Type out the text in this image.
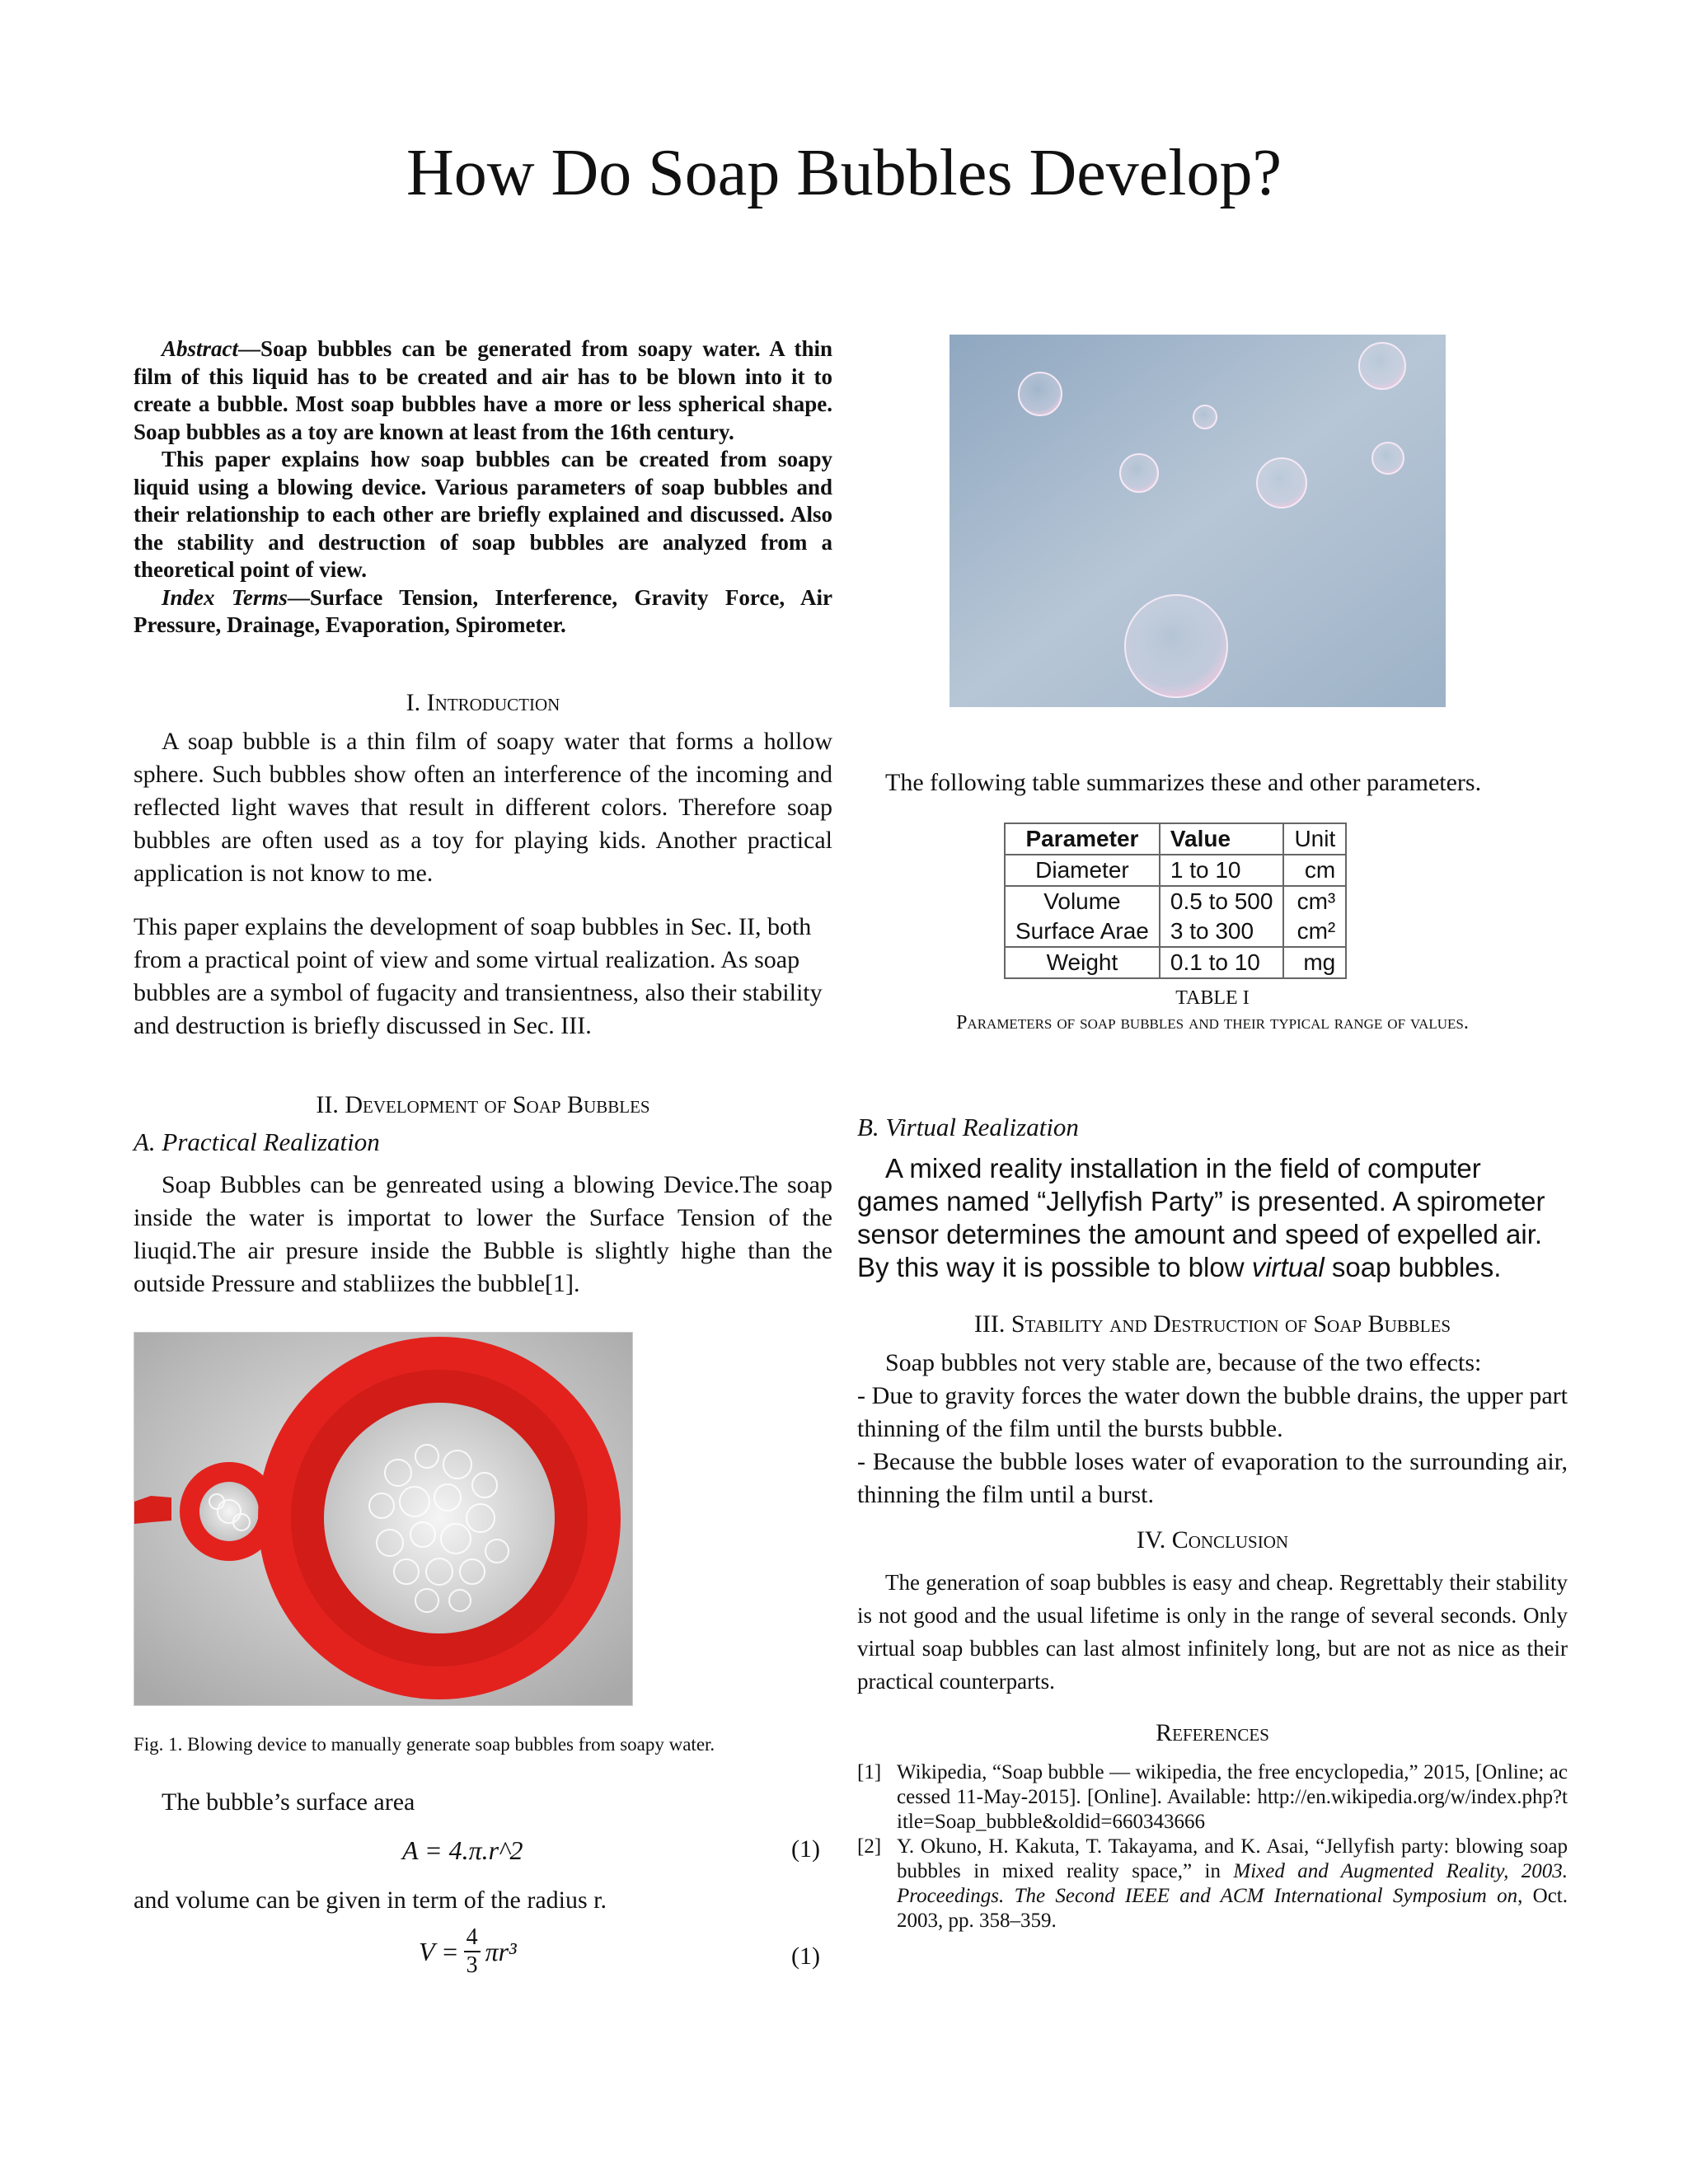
How Do Soap Bubbles Develop?

Abstract—Soap bubbles can be generated from soapy water. A thin film of this liquid has to be created and air has to be blown into it to create a bubble. Most soap bubbles have a more or less spherical shape. Soap bubbles as a toy are known at least from the 16th century.

This paper explains how soap bubbles can be created from soapy liquid using a blowing device. Various parameters of soap bubbles and their relationship to each other are briefly explained and discussed. Also the stability and destruction of soap bubbles are analyzed from a theoretical point of view.

Index Terms—Surface Tension, Interference, Gravity Force, Air Pressure, Drainage, Evaporation, Spirometer.

I. Introduction
A soap bubble is a thin film of soapy water that forms a hollow sphere. Such bubbles show often an interference of the incoming and reflected light waves that result in different colors. Therefore soap bubbles are often used as a toy for playing kids. Another practical application is not know to me.
This paper explains the development of soap bubbles in Sec. II, both from a practical point of view and some virtual realization. As soap bubbles are a symbol of fugacity and transientness, also their stability and destruction is briefly discussed in Sec. III.
II. Development of Soap Bubbles
A. Practical Realization
Soap Bubbles can be genreated using a blowing Device.The soap inside the water is importat to lower the Surface Tension of the liuqid.The air presure inside the Bubble is slightly highe than the outside Pressure and stabliizes the bubble[1].
Fig. 1. Blowing device to manually generate soap bubbles from soapy water.
The bubble’s surface area
A = 4.π.r^2	(1)
and volume can be given in term of the radius r.
$V = \frac{4}{3} \pi r^3$	(1)
The following table summarizes these and other parameters.
Parameter	Value	Unit
Diameter	1 to 10	cm
Volume	0.5 to 500	cm³
Surface Arae	3 to 300	cm²
Weight	0.1 to 10	mg
TABLE I
Parameters of soap bubbles and their typical range of values.
B. Virtual Realization
A mixed reality installation in the field of computer games named “Jellyfish Party” is presented. A spirometer sensor determines the amount and speed of expelled air. By this way it is possible to blow virtual soap bubbles.
III. Stability and Destruction of Soap Bubbles
Soap bubbles not very stable are, because of the two effects:
- Due to gravity forces the water down the bubble drains, the upper part thinning of the film until the bursts bubble.
- Because the bubble loses water of evaporation to the surrounding air, thinning the film until a burst.
IV. Conclusion
The generation of soap bubbles is easy and cheap. Regrettably their stability is not good and the usual lifetime is only in the range of several seconds. Only virtual soap bubbles can last almost infinitely long, but are not as nice as their practical counterparts.
References
[1] Wikipedia, “Soap bubble — wikipedia, the free encyclopedia,” 2015, [Online; accessed 11-May-2015]. [Online]. Available: http://en.wikipedia.org/w/index.php?title=Soap_bubble&oldid=660343666
[2] Y. Okuno, H. Kakuta, T. Takayama, and K. Asai, “Jellyfish party: blowing soap bubbles in mixed reality space,” in Mixed and Augmented Reality, 2003. Proceedings. The Second IEEE and ACM International Symposium on, Oct. 2003, pp. 358–359.
